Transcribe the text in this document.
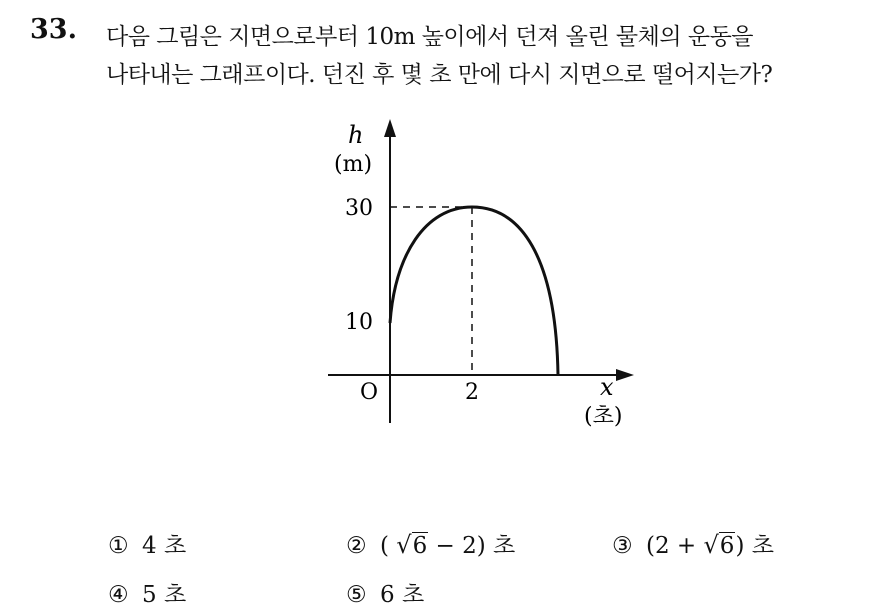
33. 다음 그림은 지면으로부터 10m 높이에서 던져 올린 물체의 운동을
나타내는 그래프이다. 던진 후 몇 초 만에 다시 지면으로 떨어지는가?
h
(m)
30
10
O	2	x
(초)
① 4 초	② ( √6 − 2) 초	③ (2 + √6) 초
④ 5 초	⑤ 6 초
